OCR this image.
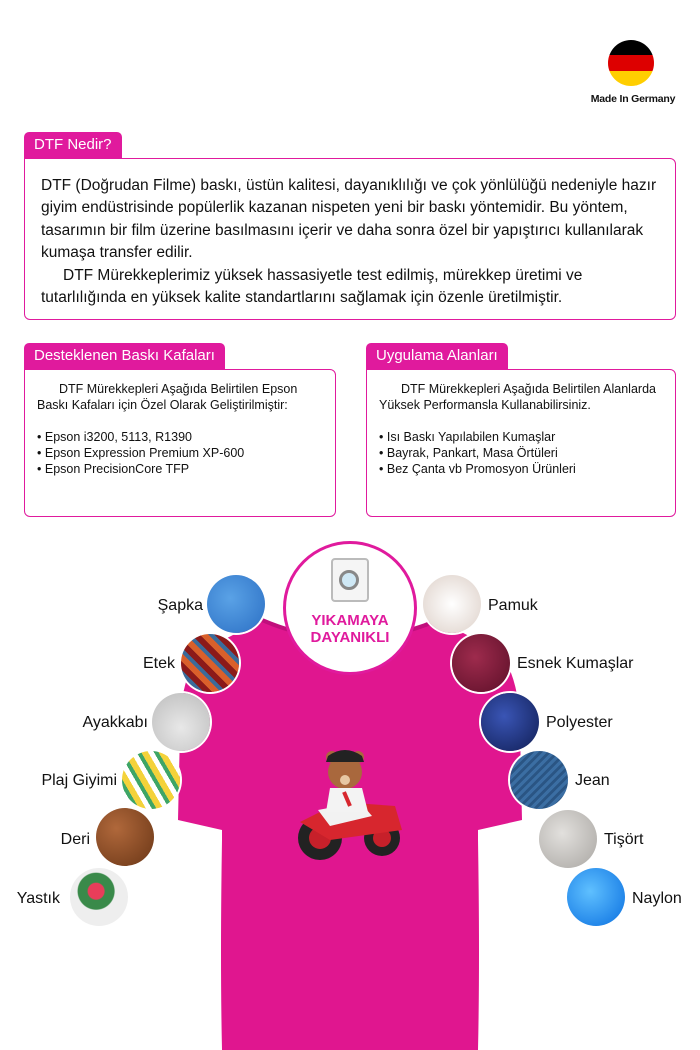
Made In Germany
DTF Nedir?

DTF (Doğrudan Filme) baskı, üstün kalitesi, dayanıklılığı ve çok yönlülüğü nedeniyle hazır giyim endüstrisinde popülerlik kazanan nispeten yeni bir baskı yöntemidir. Bu yöntem, tasarımın bir film üzerine basılmasını içerir ve daha sonra özel bir yapıştırıcı kullanılarak kumaşa transfer edilir.

DTF Mürekkeplerimiz yüksek hassasiyetle test edilmiş, mürekkep üretimi ve tutarlılığında en yüksek kalite standartlarını sağlamak için özenle üretilmiştir.

Desteklenen Baskı Kafaları

DTF Mürekkepleri Aşağıda Belirtilen Epson Baskı Kafaları için Özel Olarak Geliştirilmiştir:

• Epson i3200, 5113, R1390
• Epson Expression Premium XP-600
• Epson PrecisionCore TFP
Uygulama Alanları

DTF Mürekkepleri Aşağıda Belirtilen Alanlarda Yüksek Performansla Kullanabilirsiniz.

• Isı Baskı Yapılabilen Kumaşlar
• Bayrak, Pankart, Masa Örtüleri
• Bez Çanta vb Promosyon Ürünleri
YIKAMAYA
DAYANIKLI
Şapka
Etek
Ayakkabı
Plaj Giyimi
Deri
Yastık
Pamuk
Esnek Kumaşlar
Polyester
Jean
Tişört
Naylon
